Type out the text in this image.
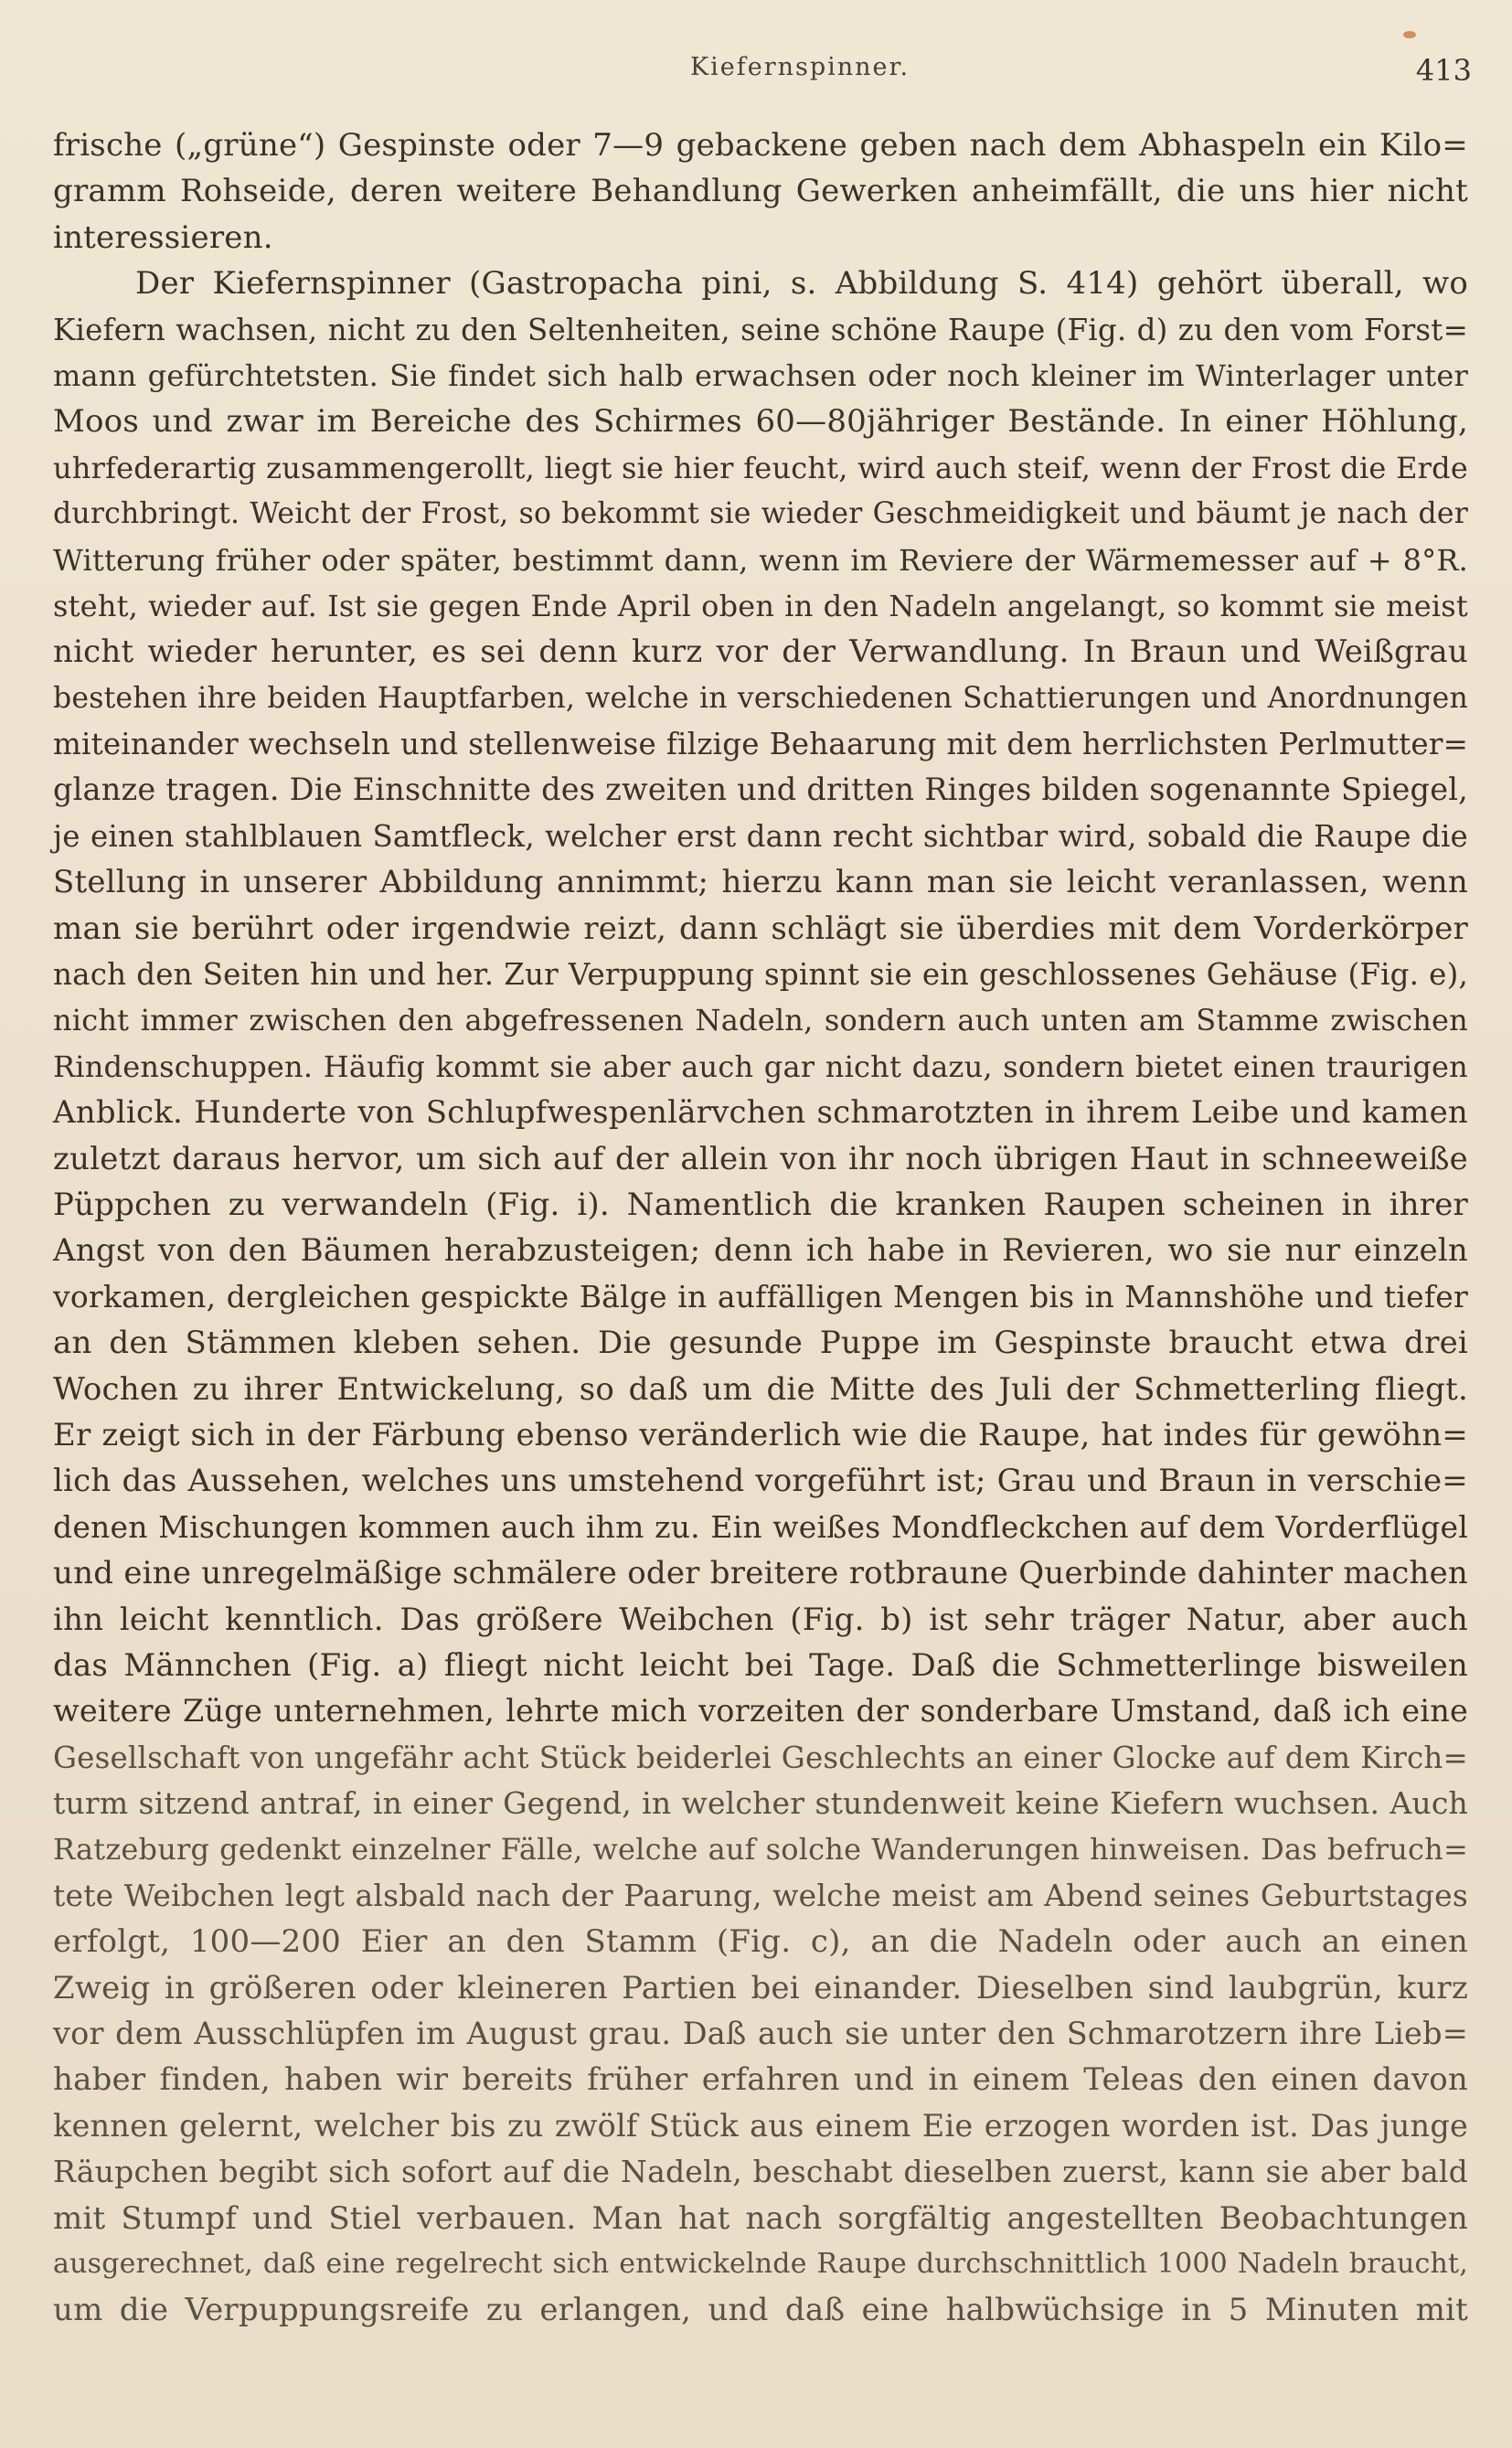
Kiefernspinner.	413
frische („grüne“) Gespinste oder 7—9 gebackene geben nach dem Abhaspeln ein Kilo=
gramm Rohseide, deren weitere Behandlung Gewerken anheimfällt, die uns hier nicht
interessieren.
Der Kiefernspinner (Gastropacha pini, s. Abbildung S. 414) gehört überall, wo
Kiefern wachsen, nicht zu den Seltenheiten, seine schöne Raupe (Fig. d) zu den vom Forst=
mann gefürchtetsten. Sie findet sich halb erwachsen oder noch kleiner im Winterlager unter
Moos und zwar im Bereiche des Schirmes 60—80jähriger Bestände. In einer Höhlung,
uhrfederartig zusammengerollt, liegt sie hier feucht, wird auch steif, wenn der Frost die Erde
durchbringt. Weicht der Frost, so bekommt sie wieder Geschmeidigkeit und bäumt je nach der
Witterung früher oder später, bestimmt dann, wenn im Reviere der Wärmemesser auf + 8°R.
steht, wieder auf. Ist sie gegen Ende April oben in den Nadeln angelangt, so kommt sie meist
nicht wieder herunter, es sei denn kurz vor der Verwandlung. In Braun und Weißgrau
bestehen ihre beiden Hauptfarben, welche in verschiedenen Schattierungen und Anordnungen
miteinander wechseln und stellenweise filzige Behaarung mit dem herrlichsten Perlmutter=
glanze tragen. Die Einschnitte des zweiten und dritten Ringes bilden sogenannte Spiegel,
je einen stahlblauen Samtfleck, welcher erst dann recht sichtbar wird, sobald die Raupe die
Stellung in unserer Abbildung annimmt; hierzu kann man sie leicht veranlassen, wenn
man sie berührt oder irgendwie reizt, dann schlägt sie überdies mit dem Vorderkörper
nach den Seiten hin und her. Zur Verpuppung spinnt sie ein geschlossenes Gehäuse (Fig. e),
nicht immer zwischen den abgefressenen Nadeln, sondern auch unten am Stamme zwischen
Rindenschuppen. Häufig kommt sie aber auch gar nicht dazu, sondern bietet einen traurigen
Anblick. Hunderte von Schlupfwespenlärvchen schmarotzten in ihrem Leibe und kamen
zuletzt daraus hervor, um sich auf der allein von ihr noch übrigen Haut in schneeweiße
Püppchen zu verwandeln (Fig. i). Namentlich die kranken Raupen scheinen in ihrer
Angst von den Bäumen herabzusteigen; denn ich habe in Revieren, wo sie nur einzeln
vorkamen, dergleichen gespickte Bälge in auffälligen Mengen bis in Mannshöhe und tiefer
an den Stämmen kleben sehen. Die gesunde Puppe im Gespinste braucht etwa drei
Wochen zu ihrer Entwickelung, so daß um die Mitte des Juli der Schmetterling fliegt.
Er zeigt sich in der Färbung ebenso veränderlich wie die Raupe, hat indes für gewöhn=
lich das Aussehen, welches uns umstehend vorgeführt ist; Grau und Braun in verschie=
denen Mischungen kommen auch ihm zu. Ein weißes Mondfleckchen auf dem Vorderflügel
und eine unregelmäßige schmälere oder breitere rotbraune Querbinde dahinter machen
ihn leicht kenntlich. Das größere Weibchen (Fig. b) ist sehr träger Natur, aber auch
das Männchen (Fig. a) fliegt nicht leicht bei Tage. Daß die Schmetterlinge bisweilen
weitere Züge unternehmen, lehrte mich vorzeiten der sonderbare Umstand, daß ich eine
Gesellschaft von ungefähr acht Stück beiderlei Geschlechts an einer Glocke auf dem Kirch=
turm sitzend antraf, in einer Gegend, in welcher stundenweit keine Kiefern wuchsen. Auch
Ratzeburg gedenkt einzelner Fälle, welche auf solche Wanderungen hinweisen. Das befruch=
tete Weibchen legt alsbald nach der Paarung, welche meist am Abend seines Geburtstages
erfolgt, 100—200 Eier an den Stamm (Fig. c), an die Nadeln oder auch an einen
Zweig in größeren oder kleineren Partien bei einander. Dieselben sind laubgrün, kurz
vor dem Ausschlüpfen im August grau. Daß auch sie unter den Schmarotzern ihre Lieb=
haber finden, haben wir bereits früher erfahren und in einem Teleas den einen davon
kennen gelernt, welcher bis zu zwölf Stück aus einem Eie erzogen worden ist. Das junge
Räupchen begibt sich sofort auf die Nadeln, beschabt dieselben zuerst, kann sie aber bald
mit Stumpf und Stiel verbauen. Man hat nach sorgfältig angestellten Beobachtungen
ausgerechnet, daß eine regelrecht sich entwickelnde Raupe durchschnittlich 1000 Nadeln braucht,
um die Verpuppungsreife zu erlangen, und daß eine halbwüchsige in 5 Minuten mit
